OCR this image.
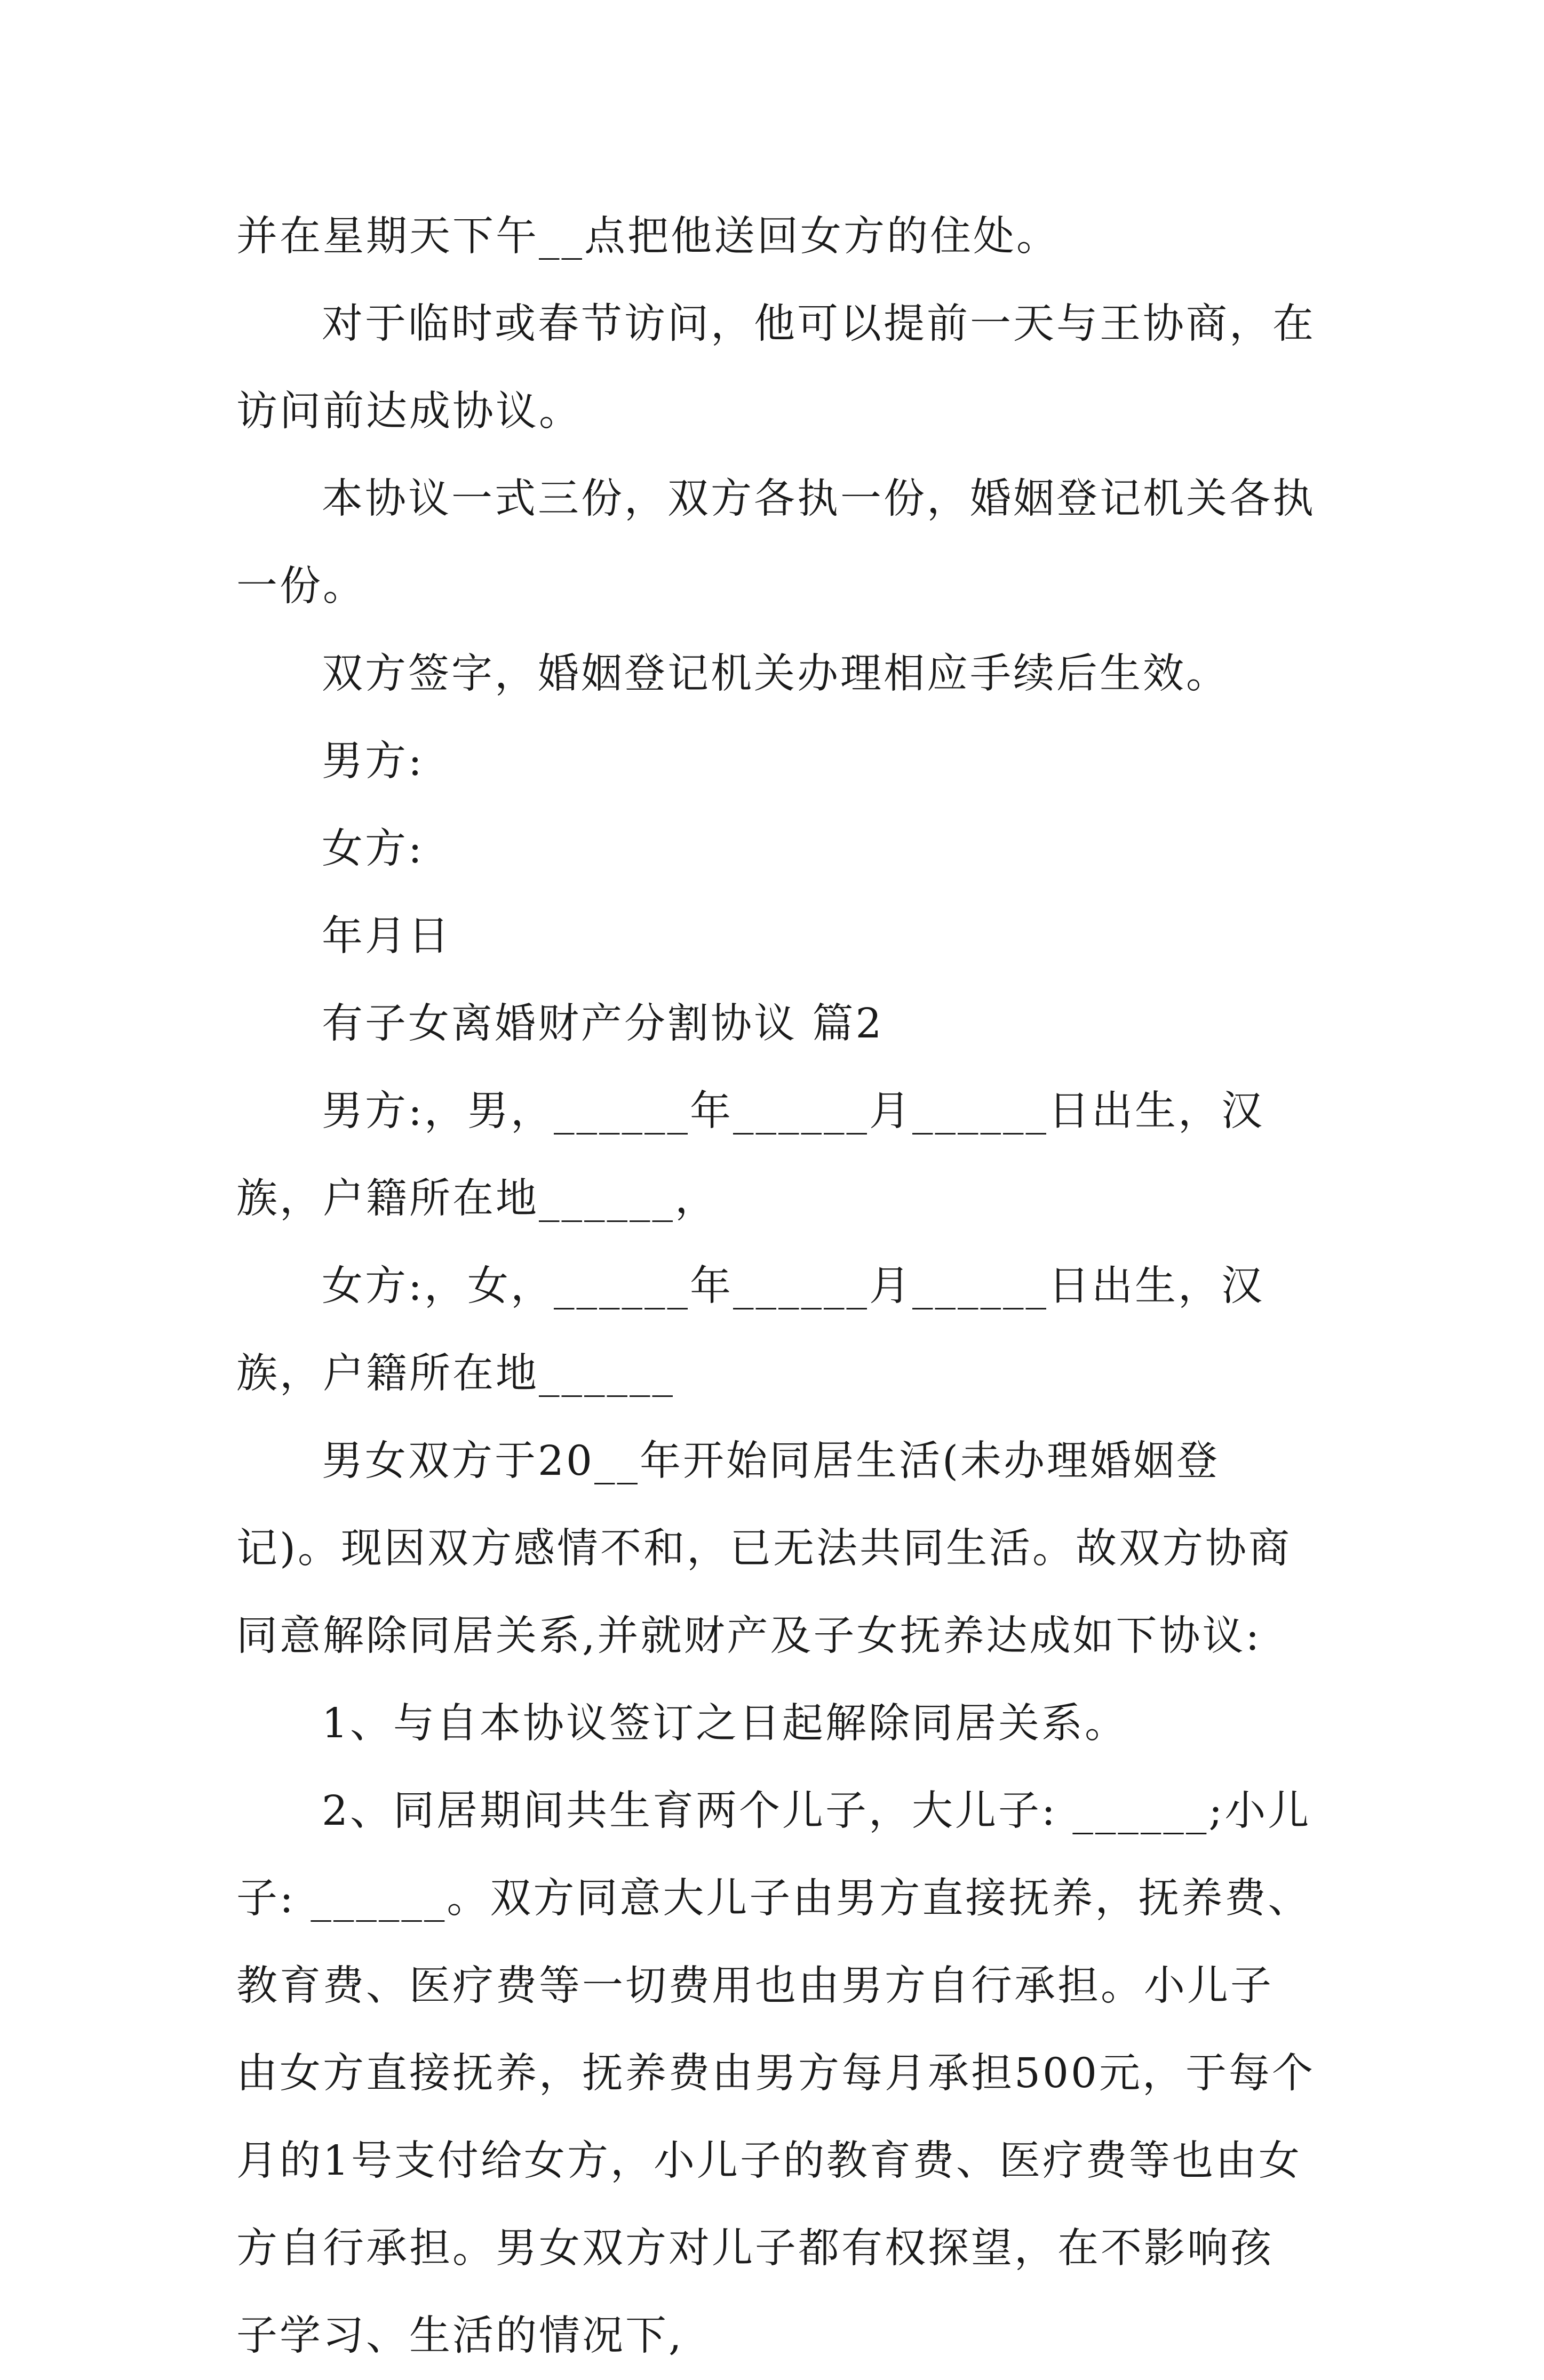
并在星期天下午__点把他送回女方的住处。

对于临时或春节访问，他可以提前一天与王协商，在访问前达成协议。

本协议一式三份，双方各执一份，婚姻登记机关各执一份。

双方签字，婚姻登记机关办理相应手续后生效。

男方:

女方:

年月日

有子女离婚财产分割协议 篇2

男方:，男，______年______月______日出生，汉族，户籍所在地______，

女方:，女，______年______月______日出生，汉族，户籍所在地______

男女双方于20__年开始同居生活(未办理婚姻登记)。现因双方感情不和，已无法共同生活。故双方协商同意解除同居关系,并就财产及子女抚养达成如下协议:

1、与自本协议签订之日起解除同居关系。

2、同居期间共生育两个儿子，大儿子: ______;小儿子: ______。双方同意大儿子由男方直接抚养，抚养费、教育费、医疗费等一切费用也由男方自行承担。小儿子由女方直接抚养，抚养费由男方每月承担500元，于每个月的1号支付给女方，小儿子的教育费、医疗费等也由女方自行承担。男女双方对儿子都有权探望，在不影响孩子学习、生活的情况下,
